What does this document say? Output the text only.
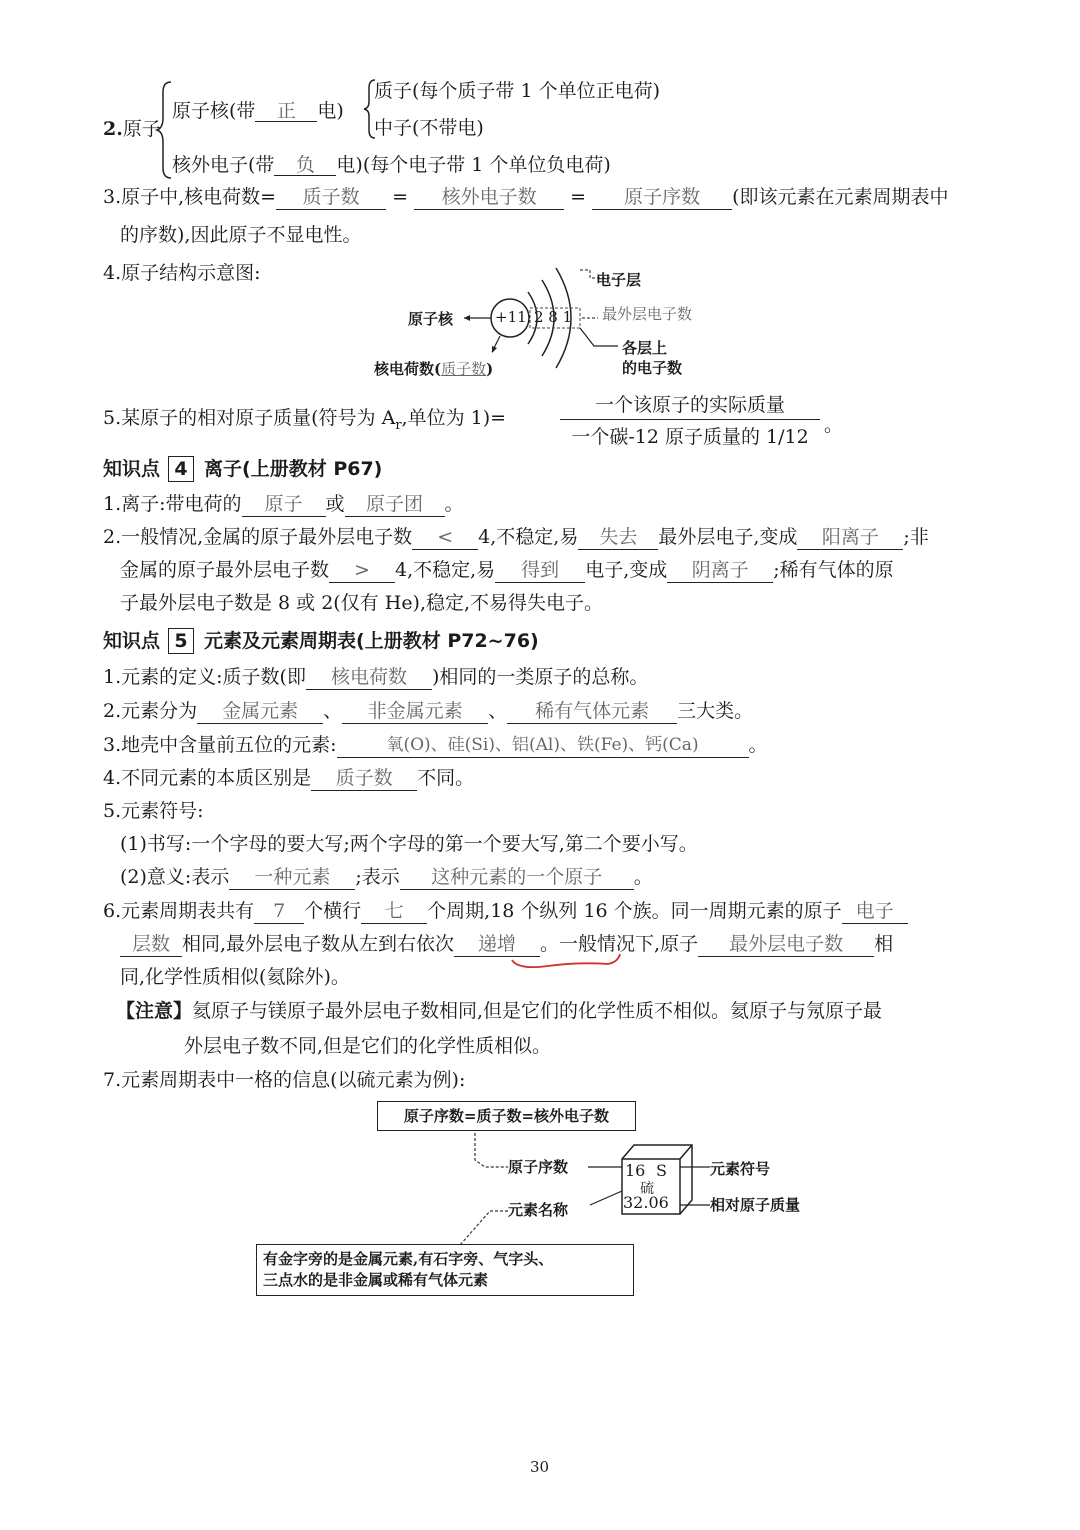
2.原子
原子核(带 正 电)
质子(每个质子带 1 个单位正电荷)
中子(不带电)
核外电子(带 负 电)(每个电子带 1 个单位负电荷)
3.原子中,核电荷数= 质子数 = 核外电子数 = 原子序数 (即该元素在元素周期表中
的序数),因此原子不显电性。
4.原子结构示意图:
原子核	+11 2 8 1
电子层
最外层电子数
各层上
的电子数
核电荷数(质子数)
5.某原子的相对原子质量(符号为 $A_r$,单位为 1)=
一个该原子的实际质量
一个碳-12 原子质量的 1/12
。
知识点 4 离子(上册教材 P67)
1.离子:带电荷的 原子 或 原子团 。
2.一般情况,金属的原子最外层电子数 < 4,不稳定,易 失去 最外层电子,变成 阳离子 ;非
金属的原子最外层电子数 > 4,不稳定,易 得到 电子,变成 阴离子 ;稀有气体的原
子最外层电子数是 8 或 2(仅有 He),稳定,不易得失电子。
知识点 5 元素及元素周期表(上册教材 P72~76)
1.元素的定义:质子数(即 核电荷数 )相同的一类原子的总称。
2.元素分为 金属元素 、 非金属元素 、 稀有气体元素 三大类。
3.地壳中含量前五位的元素:	氧(O)、硅(Si)、铝(Al)、铁(Fe)、钙(Ca)	。
4.不同元素的本质区别是 质子数 不同。
5.元素符号:
(1)书写:一个字母的要大写;两个字母的第一个要大写,第二个要小写。
(2)意义:表示 一种元素 ;表示 这种元素的一个原子 。
6.元素周期表共有 7 个横行 七 个周期,18 个纵列 16 个族。同一周期元素的原子 电子
层数 相同,最外层电子数从左到右依次 递增 。一般情况下,原子 最外层电子数 相
同,化学性质相似(氦除外)。
【注意】氦原子与镁原子最外层电子数相同,但是它们的化学性质不相似。氦原子与氖原子最
外层电子数不同,但是它们的化学性质相似。
7.元素周期表中一格的信息(以硫元素为例):
原子序数=质子数=核外电子数
原子序数	元素符号
元素名称	相对原子质量
16 S
硫
32.06
有金字旁的是金属元素,有石字旁、气字头、
三点水的是非金属或稀有气体元素
30
